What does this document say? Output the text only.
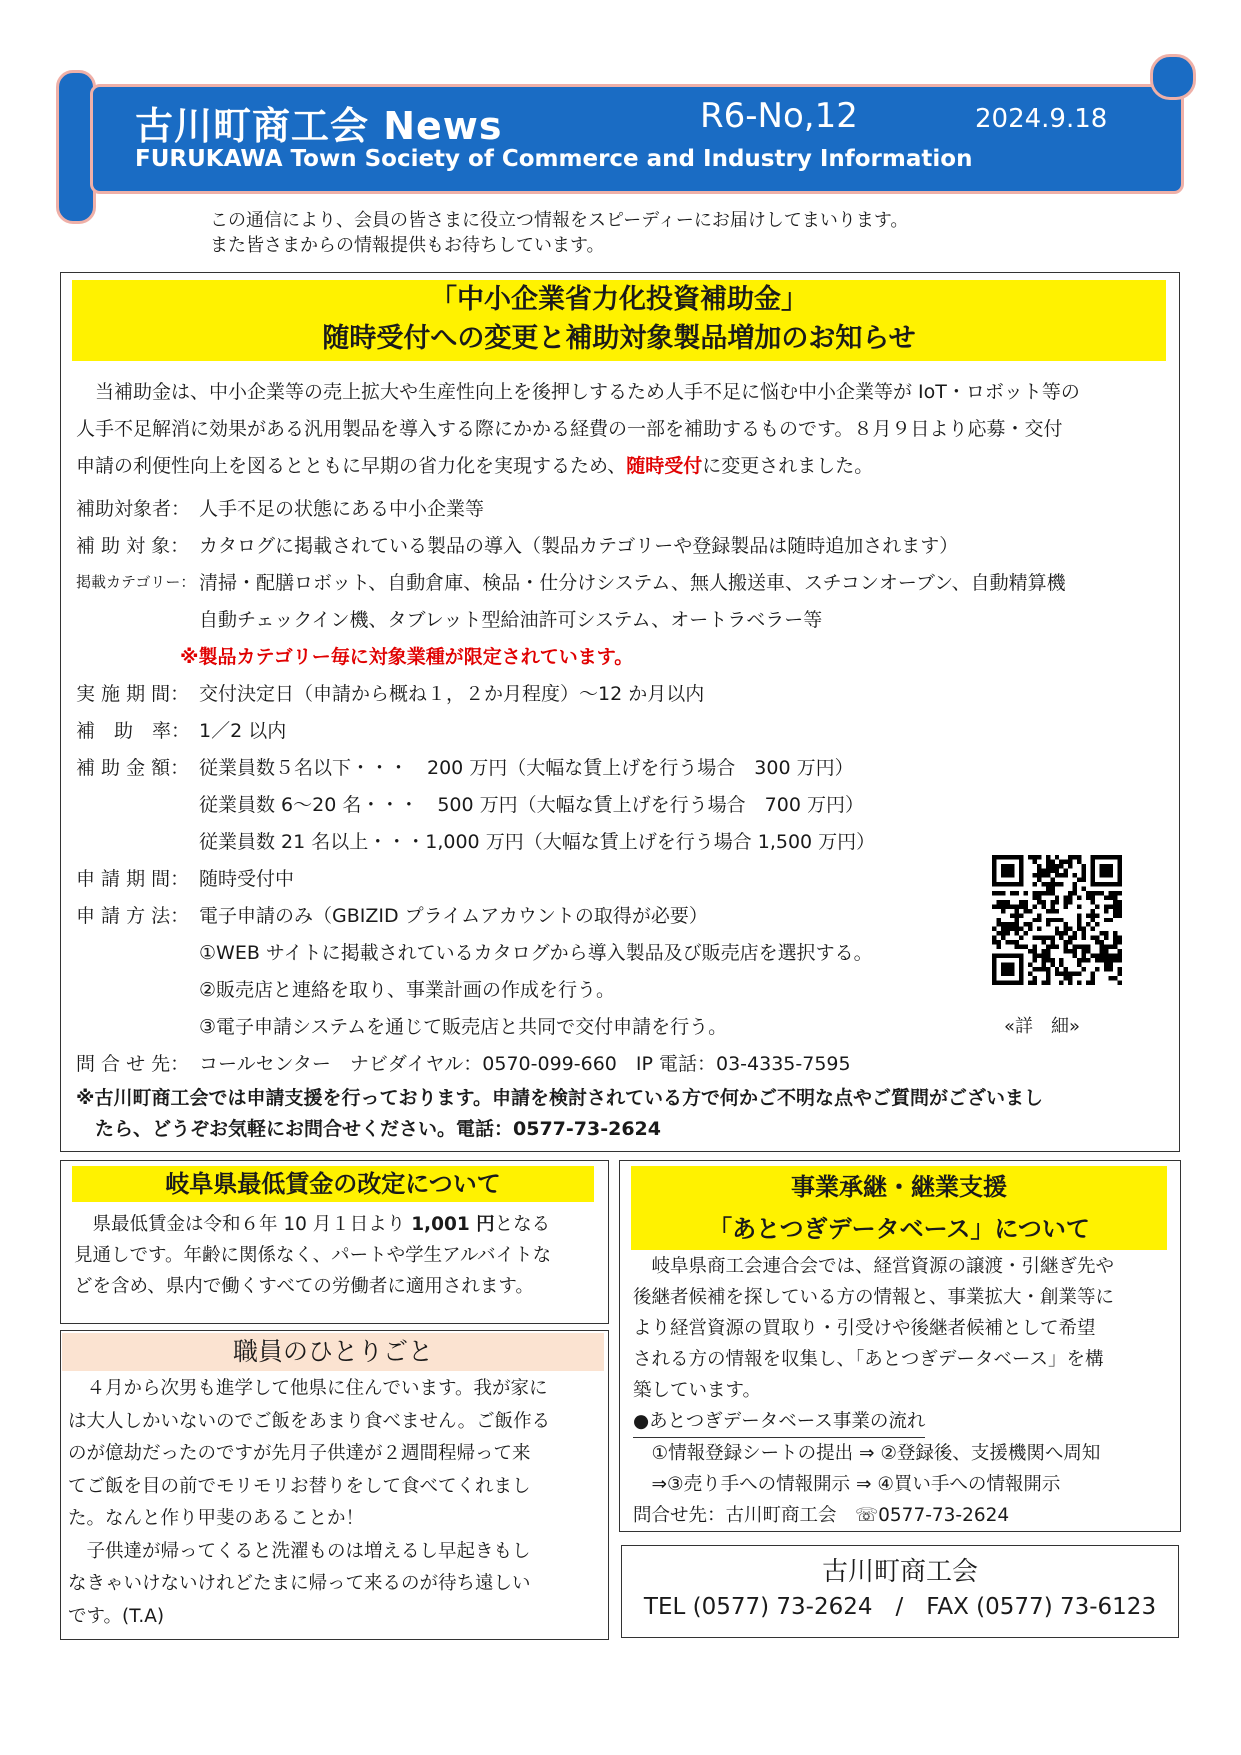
古川町商工会 News	R6-No,12	2024.9.18
FURUKAWA Town Society of Commerce and Industry Information
この通信により、会員の皆さまに役立つ情報をスピーディーにお届けしてまいります。
また皆さまからの情報提供もお待ちしています。
「中小企業省力化投資補助金」
随時受付への変更と補助対象製品増加のお知らせ
　当補助金は、中小企業等の売上拡大や生産性向上を後押しするため人手不足に悩む中小企業等が IoT・ロボット等の
人手不足解消に効果がある汎用製品を導入する際にかかる経費の一部を補助するものです。８月９日より応募・交付
申請の利便性向上を図るとともに早期の省力化を実現するため、随時受付に変更されました。
補助対象者： 人手不足の状態にある中小企業等
補 助 対 象： カタログに掲載されている製品の導入（製品カテゴリーや登録製品は随時追加されます）
掲載カテゴリー： 清掃・配膳ロボット、自動倉庫、検品・仕分けシステム、無人搬送車、スチコンオーブン、自動精算機
自動チェックイン機、タブレット型給油許可システム、オートラベラー等
※製品カテゴリー毎に対象業種が限定されています。
実 施 期 間： 交付決定日（申請から概ね１，２か月程度）～12 か月以内
補　助　率： 1／2 以内
補 助 金 額： 従業員数５名以下・・・　200 万円（大幅な賃上げを行う場合　300 万円）
従業員数 6～20 名・・・　500 万円（大幅な賃上げを行う場合　700 万円）
従業員数 21 名以上・・・1,000 万円（大幅な賃上げを行う場合 1,500 万円）
申 請 期 間： 随時受付中
申 請 方 法： 電子申請のみ（GBIZID プライムアカウントの取得が必要）
①WEB サイトに掲載されているカタログから導入製品及び販売店を選択する。
②販売店と連絡を取り、事業計画の作成を行う。
③電子申請システムを通じて販売店と共同で交付申請を行う。	«詳　細»
問 合 せ 先： コールセンター　ナビダイヤル：0570-099-660　IP 電話：03-4335-7595
※古川町商工会では申請支援を行っております。申請を検討されている方で何かご不明な点やご質問がございまし
　たら、どうぞお気軽にお問合せください。電話：0577-73-2624
岐阜県最低賃金の改定について
　県最低賃金は令和６年 10 月１日より 1,001 円となる
見通しです。年齢に関係なく、パートや学生アルバイトな
どを含め、県内で働くすべての労働者に適用されます。
職員のひとりごと
　４月から次男も進学して他県に住んでいます。我が家に
は大人しかいないのでご飯をあまり食べません。ご飯作る
のが億劫だったのですが先月子供達が２週間程帰って来
てご飯を目の前でモリモリお替りをして食べてくれまし
た。なんと作り甲斐のあることか！
　子供達が帰ってくると洗濯ものは増えるし早起きもし
なきゃいけないけれどたまに帰って来るのが待ち遠しい
です。(T.A)
事業承継・継業支援
「あとつぎデータベース」について
　岐阜県商工会連合会では、経営資源の譲渡・引継ぎ先や
後継者候補を探している方の情報と、事業拡大・創業等に
より経営資源の買取り・引受けや後継者候補として希望
される方の情報を収集し、「あとつぎデータベース」を構
築しています。
●あとつぎデータベース事業の流れ
　①情報登録シートの提出 ⇒ ②登録後、支援機関へ周知
　⇒③売り手への情報開示 ⇒ ④買い手への情報開示
問合せ先：古川町商工会　☏0577-73-2624
古川町商工会
TEL (0577) 73-2624　/　FAX (0577) 73-6123
